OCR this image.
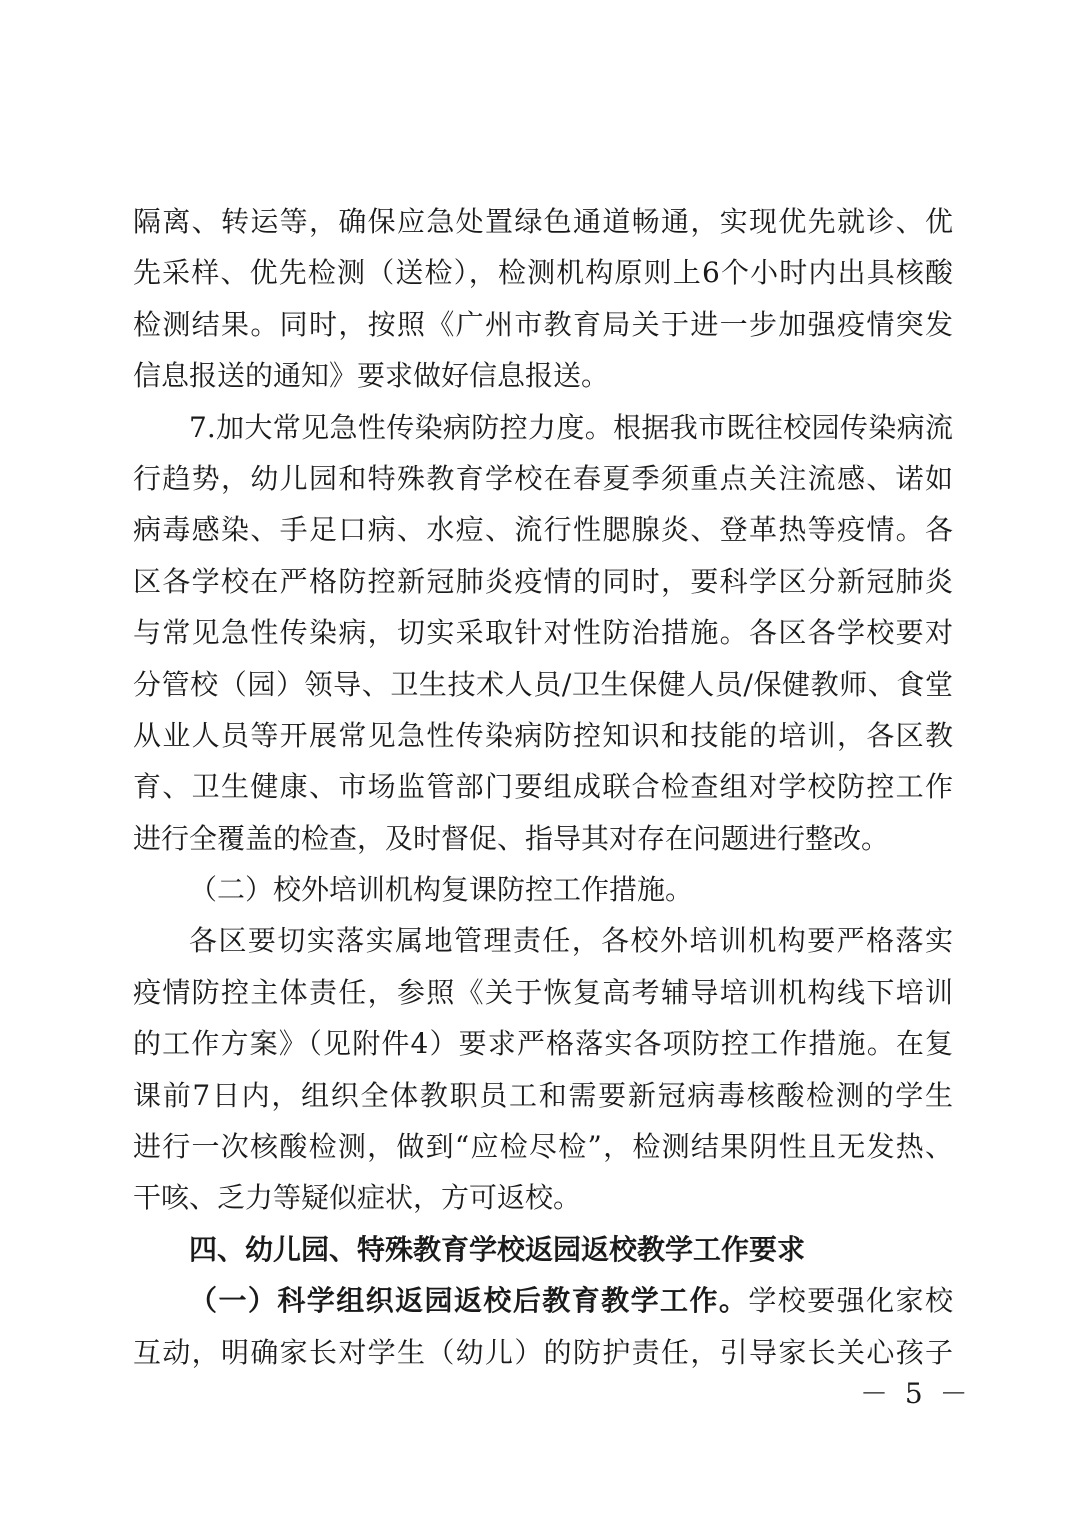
隔离、转运等，确保应急处置绿色通道畅通，实现优先就诊、优
先采样、优先检测（送检），检测机构原则上6个小时内出具核酸
检测结果。同时，按照《广州市教育局关于进一步加强疫情突发
信息报送的通知》要求做好信息报送。
7.加大常见急性传染病防控力度。根据我市既往校园传染病流
行趋势，幼儿园和特殊教育学校在春夏季须重点关注流感、诺如
病毒感染、手足口病、水痘、流行性腮腺炎、登革热等疫情。各
区各学校在严格防控新冠肺炎疫情的同时，要科学区分新冠肺炎
与常见急性传染病，切实采取针对性防治措施。各区各学校要对
分管校（园）领导、卫生技术人员/卫生保健人员/保健教师、食堂
从业人员等开展常见急性传染病防控知识和技能的培训，各区教
育、卫生健康、市场监管部门要组成联合检查组对学校防控工作
进行全覆盖的检查，及时督促、指导其对存在问题进行整改。
（二）校外培训机构复课防控工作措施。
各区要切实落实属地管理责任，各校外培训机构要严格落实
疫情防控主体责任，参照《关于恢复高考辅导培训机构线下培训
的工作方案》（见附件4）要求严格落实各项防控工作措施。在复
课前7日内，组织全体教职员工和需要新冠病毒核酸检测的学生
进行一次核酸检测，做到“应检尽检”，检测结果阴性且无发热、
干咳、乏力等疑似症状，方可返校。
四、幼儿园、特殊教育学校返园返校教学工作要求
（一）科学组织返园返校后教育教学工作。学校要强化家校
互动，明确家长对学生（幼儿）的防护责任，引导家长关心孩子
－ 5 －
